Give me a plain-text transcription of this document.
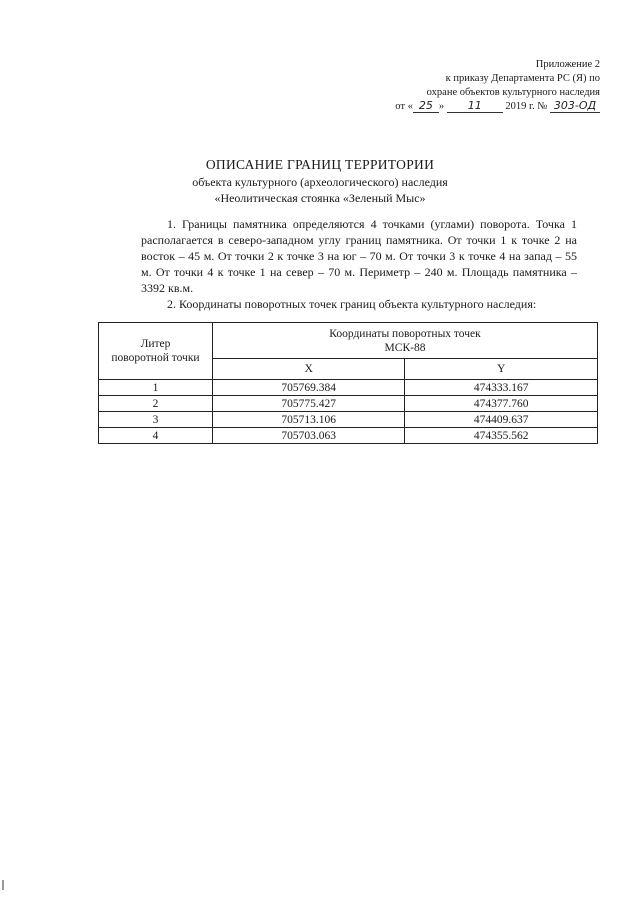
Приложение 2
к приказу Департамента РС (Я) по
охране объектов культурного наследия
от « 25 » 11 2019 г. № 303-ОД
ОПИСАНИЕ ГРАНИЦ ТЕРРИТОРИИ
объекта культурного (археологического) наследия
«Неолитическая стоянка «Зеленый Мыс»

1. Границы памятника определяются 4 точками (углами) поворота. Точка 1 располагается в северо-западном углу границ памятника. От точки 1 к точке 2 на восток – 45 м. От точки 2 к точке 3 на юг – 70 м. От точки 3 к точке 4 на запад – 55 м. От точки 4 к точке 1 на север – 70 м. Периметр – 240 м. Площадь памятника – 3392 кв.м.

2. Координаты поворотных точек границ объекта культурного наследия:

Литер
поворотной точки	Координаты поворотных точек
МСК-88	
	X	Y
1	705769.384	474333.167
2	705775.427	474377.760
3	705713.106	474409.637
4	705703.063	474355.562
